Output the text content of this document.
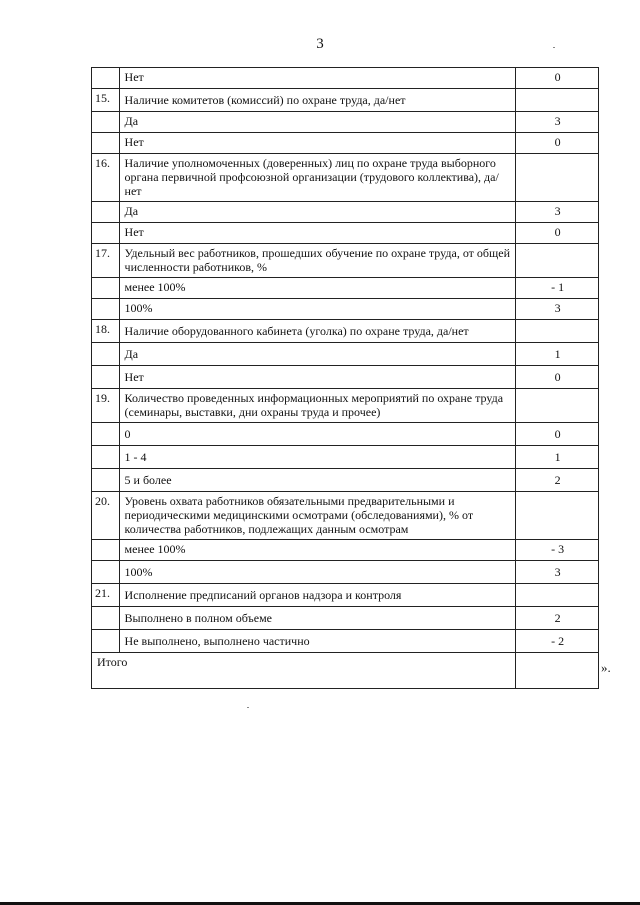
3
	Нет	0
15.	Наличие комитетов (комиссий) по охране труда, да/нет	
	Да	3
	Нет	0
16.	Наличие уполномоченных (доверенных) лиц по охране труда выборного органа первичной профсоюзной организации (трудового коллектива), да/нет	
	Да	3
	Нет	0
17.	Удельный вес работников, прошедших обучение по охране труда, от общей численности работников, %	
	менее 100%	- 1
	100%	3
18.	Наличие оборудованного кабинета (уголка) по охране труда, да/нет	
	Да	1
	Нет	0
19.	Количество проведенных информационных мероприятий по охране труда (семинары, выставки, дни охраны труда и прочее)	
	0	0
	1 - 4	1
	5 и более	2
20.	Уровень охвата работников обязательными предварительными и периодическими медицинскими осмотрами (обследованиями), % от количества работников, подлежащих данным осмотрам	
	менее 100%	- 3
	100%	3
21.	Исполнение предписаний органов надзора и контроля	
	Выполнено в полном объеме	2
	Не выполнено, выполнено частично	- 2
Итого			».
